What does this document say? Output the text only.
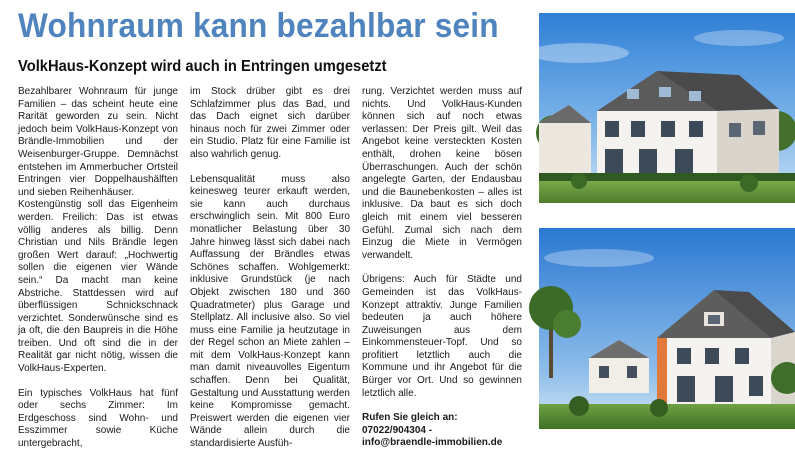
Wohnraum kann bezahlbar sein
VolkHaus-Konzept wird auch in Entringen umgesetzt

Bezahlbarer Wohnraum für junge Familien – das scheint heute eine Rarität geworden zu sein. Nicht jedoch beim VolkHaus-Konzept von Brändle-Immobilien und der Weisenburger-Gruppe. Demnächst entstehen im Ammerbucher Ortsteil Entringen vier Doppelhaushälften und sieben Reihenhäuser.

Kostengünstig soll das Eigenheim werden. Freilich: Das ist etwas völlig anderes als billig. Denn Christian und Nils Brändle legen großen Wert darauf: „Hochwertig sollen die eigenen vier Wände sein.“ Da macht man keine Abstriche. Stattdessen wird auf überflüssigen Schnickschnack verzichtet. Sonderwünsche sind es ja oft, die den Baupreis in die Höhe treiben. Und oft sind die in der Realität gar nicht nötig, wissen die VolkHaus-Experten.

Ein typisches VolkHaus hat fünf oder sechs Zimmer: Im Erdgeschoss sind Wohn- und Esszimmer sowie Küche untergebracht,

im Stock drüber gibt es drei Schlafzimmer plus das Bad, und das Dach eignet sich darüber hinaus noch für zwei Zimmer oder ein Studio. Platz für eine Familie ist also wahrlich genug.

Lebensqualität muss also keinesweg teurer erkauft werden, sie kann auch durchaus erschwinglich sein. Mit 800 Euro monatlicher Belastung über 30 Jahre hinweg lässt sich dabei nach Auffassung der Brändles etwas Schönes schaffen. Wohlgemerkt: inklusive Grundstück (je nach Objekt zwischen 180 und 360 Quadratmeter) plus Garage und Stellplatz. All inclusive also. So viel muss eine Familie ja heutzutage in der Regel schon an Miete zahlen – mit dem VolkHaus-Konzept kann man damit niveauvolles Eigentum schaffen. Denn bei Qualität, Gestaltung und Ausstattung werden keine Kompromisse gemacht. Preiswert werden die eigenen vier Wände allein durch die standardisierte Ausfüh-

rung. Verzichtet werden muss auf nichts. Und VolkHaus-Kunden können sich auf noch etwas verlassen: Der Preis gilt. Weil das Angebot keine versteckten Kosten enthält, drohen keine bösen Überraschungen. Auch der schön angelegte Garten, der Endausbau und die Baunebenkosten – alles ist inklusive. Da baut es sich doch gleich mit einem viel besseren Gefühl. Zumal sich nach dem Einzug die Miete in Vermögen verwandelt.

Übrigens: Auch für Städte und Gemeinden ist das VolkHaus-Konzept attraktiv. Junge Familien bedeuten ja auch höhere Zuweisungen aus dem Einkommensteuer-Topf. Und so profitiert letztlich auch die Kommune und ihr Angebot für die Bürger vor Ort. Und so gewinnen letztlich alle.

Rufen Sie gleich an: 07022/904304 -
info@braendle-immobilien.de
